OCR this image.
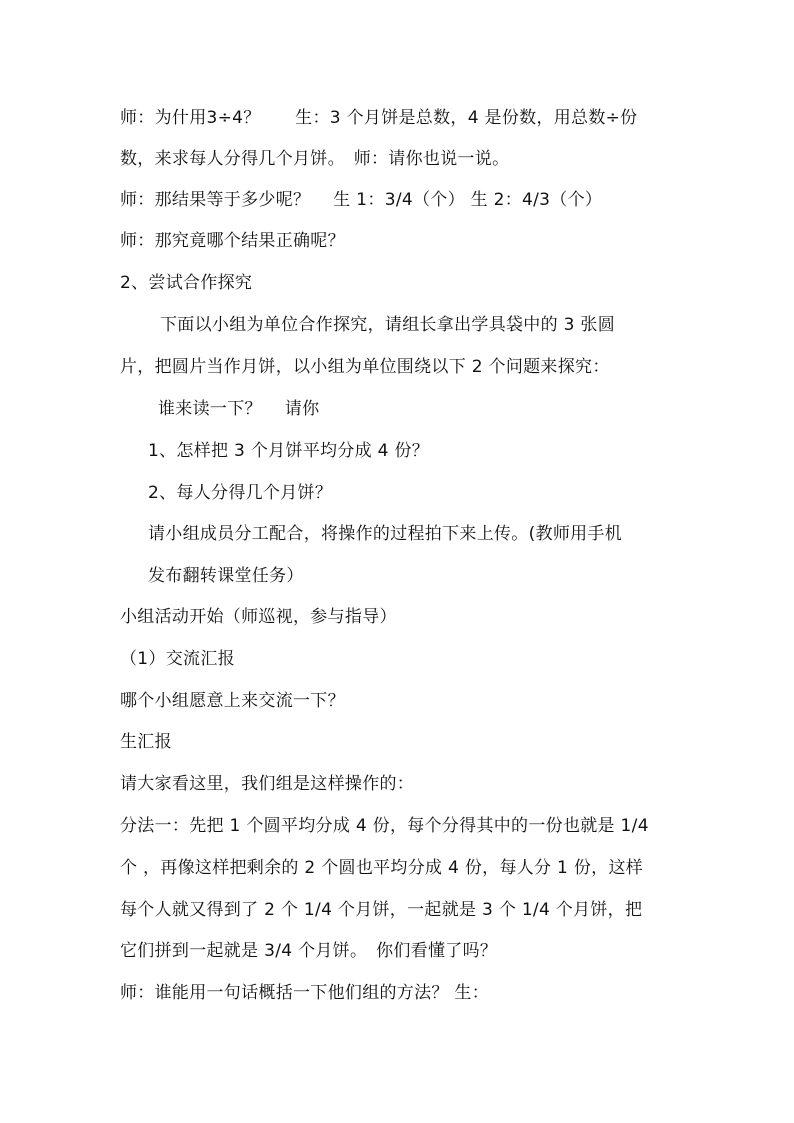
师：为什用3÷4？　　生：3 个月饼是总数，4 是份数，用总数÷份
数，来求每人分得几个月饼。　师：请你也说一说。
师：那结果等于多少呢？　 生 1：3/4（个） 生 2：4/3（个）
师：那究竟哪个结果正确呢？
2、尝试合作探究
下面以小组为单位合作探究，请组长拿出学具袋中的 3 张圆
片，把圆片当作月饼，以小组为单位围绕以下 2 个问题来探究：
谁来读一下？　 请你
1、怎样把 3 个月饼平均分成 4 份？
2、每人分得几个月饼？
请小组成员分工配合，将操作的过程拍下来上传。(教师用手机
发布翻转课堂任务）
小组活动开始（师巡视，参与指导）
（1）交流汇报
哪个小组愿意上来交流一下？
生汇报
请大家看这里，我们组是这样操作的：
分法一：先把 1 个圆平均分成 4 份，每个分得其中的一份也就是 1/4
个 ，再像这样把剩余的 2 个圆也平均分成 4 份，每人分 1 份，这样
每个人就又得到了 2 个 1/4 个月饼，一起就是 3 个 1/4 个月饼，把
它们拼到一起就是 3/4 个月饼。　你们看懂了吗？
师：谁能用一句话概括一下他们组的方法？ 生：
